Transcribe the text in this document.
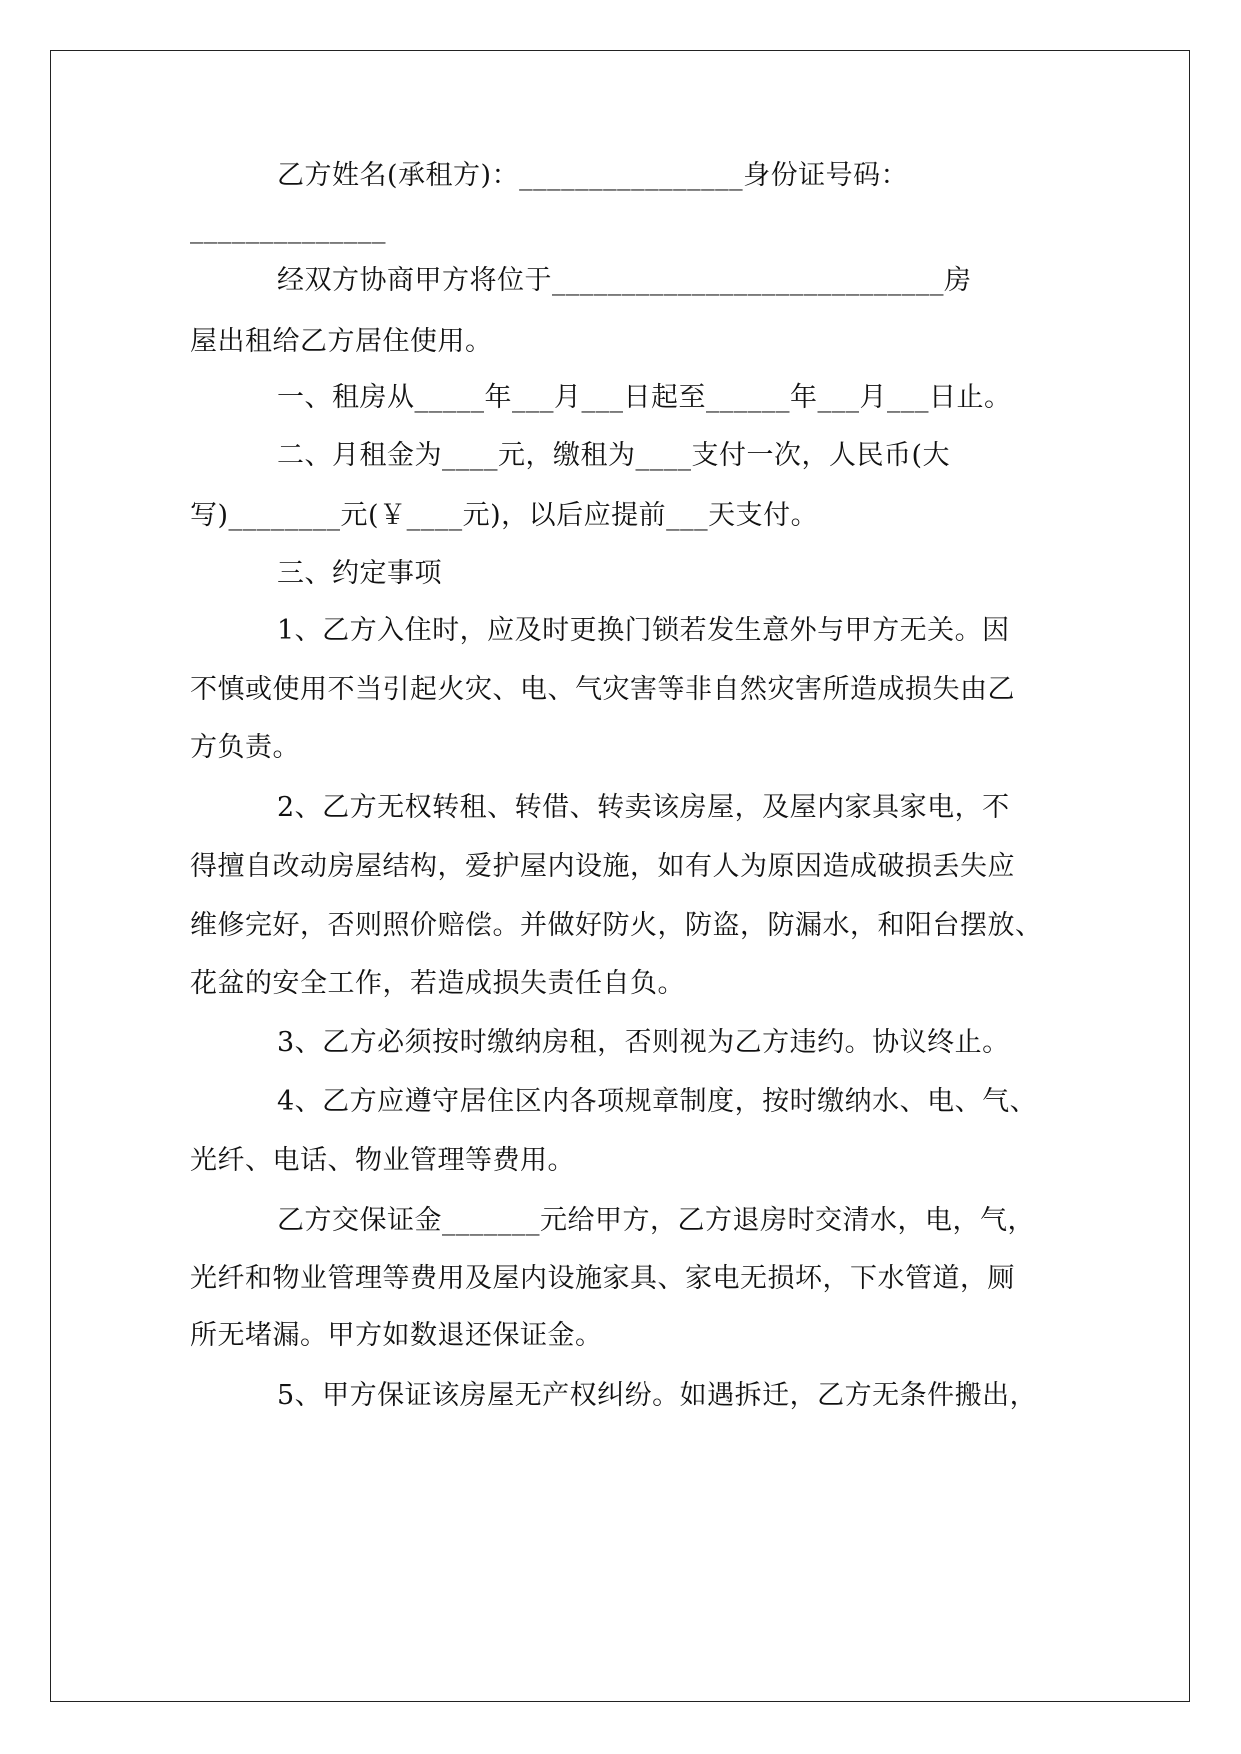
乙方姓名(承租方)：________________身份证号码：
______________
经双方协商甲方将位于____________________________房
屋出租给乙方居住使用。
一、租房从_____年___月___日起至______年___月___日止。
二、月租金为____元，缴租为____支付一次，人民币(大
写)________元(￥____元)，以后应提前___天支付。
三、约定事项
1、乙方入住时，应及时更换门锁若发生意外与甲方无关。因
不慎或使用不当引起火灾、电、气灾害等非自然灾害所造成损失由乙
方负责。
2、乙方无权转租、转借、转卖该房屋，及屋内家具家电，不
得擅自改动房屋结构，爱护屋内设施，如有人为原因造成破损丢失应
维修完好，否则照价赔偿。并做好防火，防盗，防漏水，和阳台摆放、
花盆的安全工作，若造成损失责任自负。
3、乙方必须按时缴纳房租，否则视为乙方违约。协议终止。
4、乙方应遵守居住区内各项规章制度，按时缴纳水、电、气、
光纤、电话、物业管理等费用。
乙方交保证金_______元给甲方，乙方退房时交清水，电，气，
光纤和物业管理等费用及屋内设施家具、家电无损坏，下水管道，厕
所无堵漏。甲方如数退还保证金。
5、甲方保证该房屋无产权纠纷。如遇拆迁，乙方无条件搬出，
